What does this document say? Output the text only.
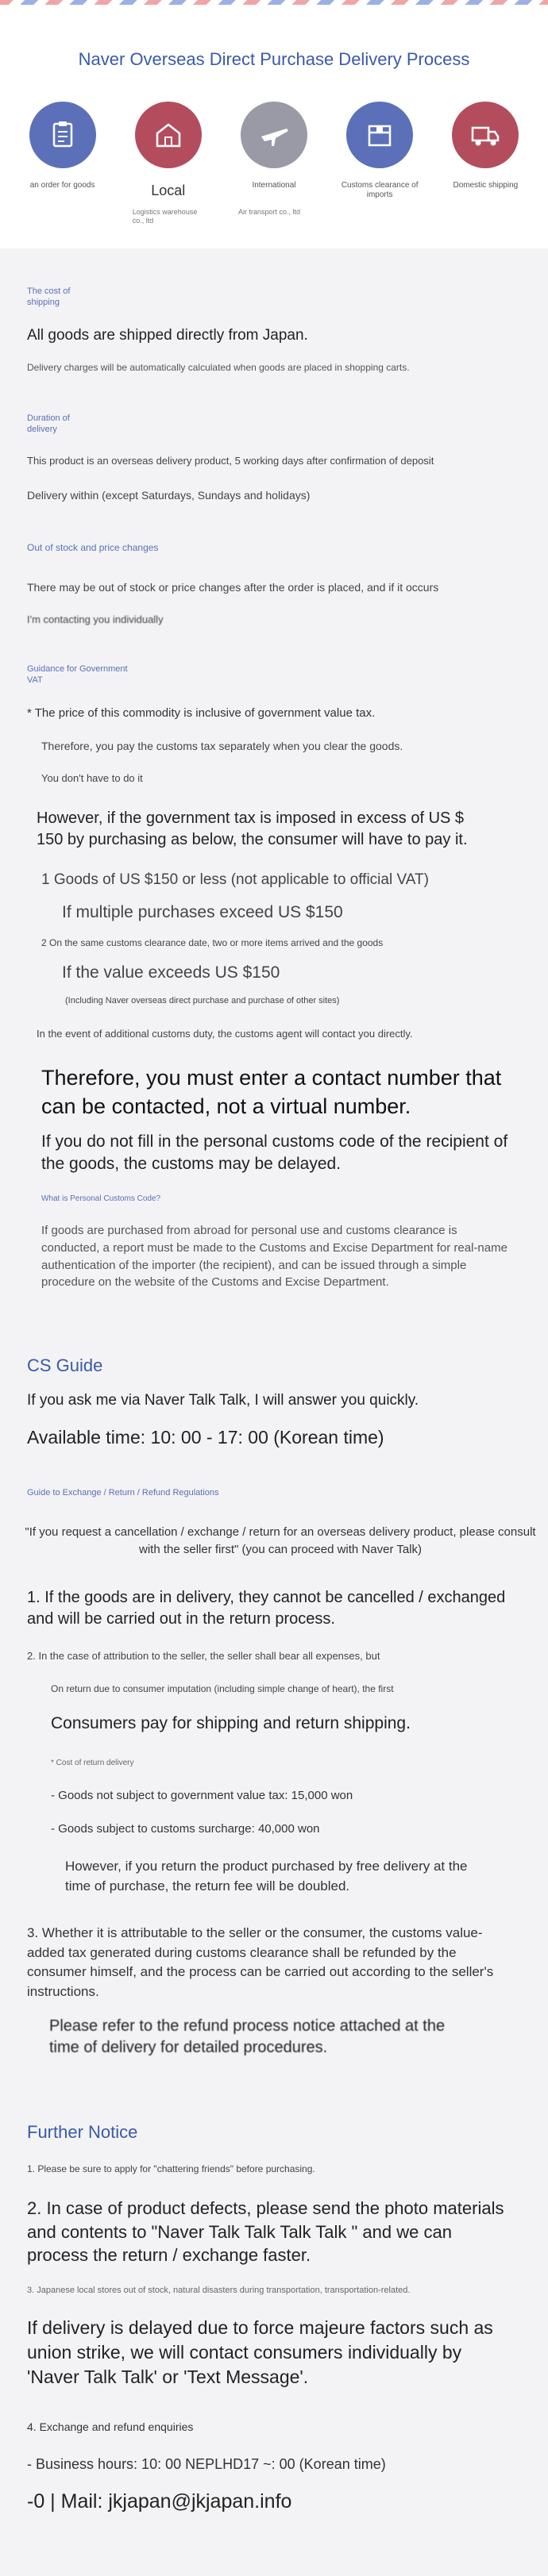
Naver Overseas Direct Purchase Delivery Process
an order for goods	Local
Logistics warehouse co., ltd
International
Air transport co., ltd
Customs clearance of imports
Domestic shipping
The cost of shipping
All goods are shipped directly from Japan.
Delivery charges will be automatically calculated when goods are placed in shopping carts.
Duration of delivery
This product is an overseas delivery product, 5 working days after confirmation of deposit
Delivery within (except Saturdays, Sundays and holidays)
Out of stock and price changes
There may be out of stock or price changes after the order is placed, and if it occurs
I'm contacting you individually
Guidance for Government VAT
* The price of this commodity is inclusive of government value tax.
Therefore, you pay the customs tax separately when you clear the goods.
You don't have to do it
However, if the government tax is imposed in excess of US $ 150 by purchasing as below, the consumer will have to pay it.
1 Goods of US $150 or less (not applicable to official VAT)
If multiple purchases exceed US $150
2 On the same customs clearance date, two or more items arrived and the goods
If the value exceeds US $150
(Including Naver overseas direct purchase and purchase of other sites)
In the event of additional customs duty, the customs agent will contact you directly.
Therefore, you must enter a contact number that can be contacted, not a virtual number.
If you do not fill in the personal customs code of the recipient of the goods, the customs may be delayed.
What is Personal Customs Code?
If goods are purchased from abroad for personal use and customs clearance is conducted, a report must be made to the Customs and Excise Department for real-name authentication of the importer (the recipient), and can be issued through a simple procedure on the website of the Customs and Excise Department.
CS Guide
If you ask me via Naver Talk Talk, I will answer you quickly.
Available time: 10: 00 - 17: 00 (Korean time)
Guide to Exchange / Return / Refund Regulations
"If you request a cancellation / exchange / return for an overseas delivery product, please consult with the seller first" (you can proceed with Naver Talk)
1. If the goods are in delivery, they cannot be cancelled / exchanged and will be carried out in the return process.
2. In the case of attribution to the seller, the seller shall bear all expenses, but
On return due to consumer imputation (including simple change of heart), the first
Consumers pay for shipping and return shipping.
* Cost of return delivery
- Goods not subject to government value tax: 15,000 won
- Goods subject to customs surcharge: 40,000 won
However, if you return the product purchased by free delivery at the time of purchase, the return fee will be doubled.
3. Whether it is attributable to the seller or the consumer, the customs value-added tax generated during customs clearance shall be refunded by the consumer himself, and the process can be carried out according to the seller's instructions.
Please refer to the refund process notice attached at the time of delivery for detailed procedures.
Further Notice
1. Please be sure to apply for "chattering friends" before purchasing.
2. In case of product defects, please send the photo materials and contents to "Naver Talk Talk Talk Talk " and we can process the return / exchange faster.
3. Japanese local stores out of stock, natural disasters during transportation, transportation-related.
If delivery is delayed due to force majeure factors such as union strike, we will contact consumers individually by 'Naver Talk Talk' or 'Text Message'.
4. Exchange and refund enquiries
- Business hours: 10: 00 NEPLHD17 ~: 00 (Korean time)
-0 | Mail: jkjapan@jkjapan.info
